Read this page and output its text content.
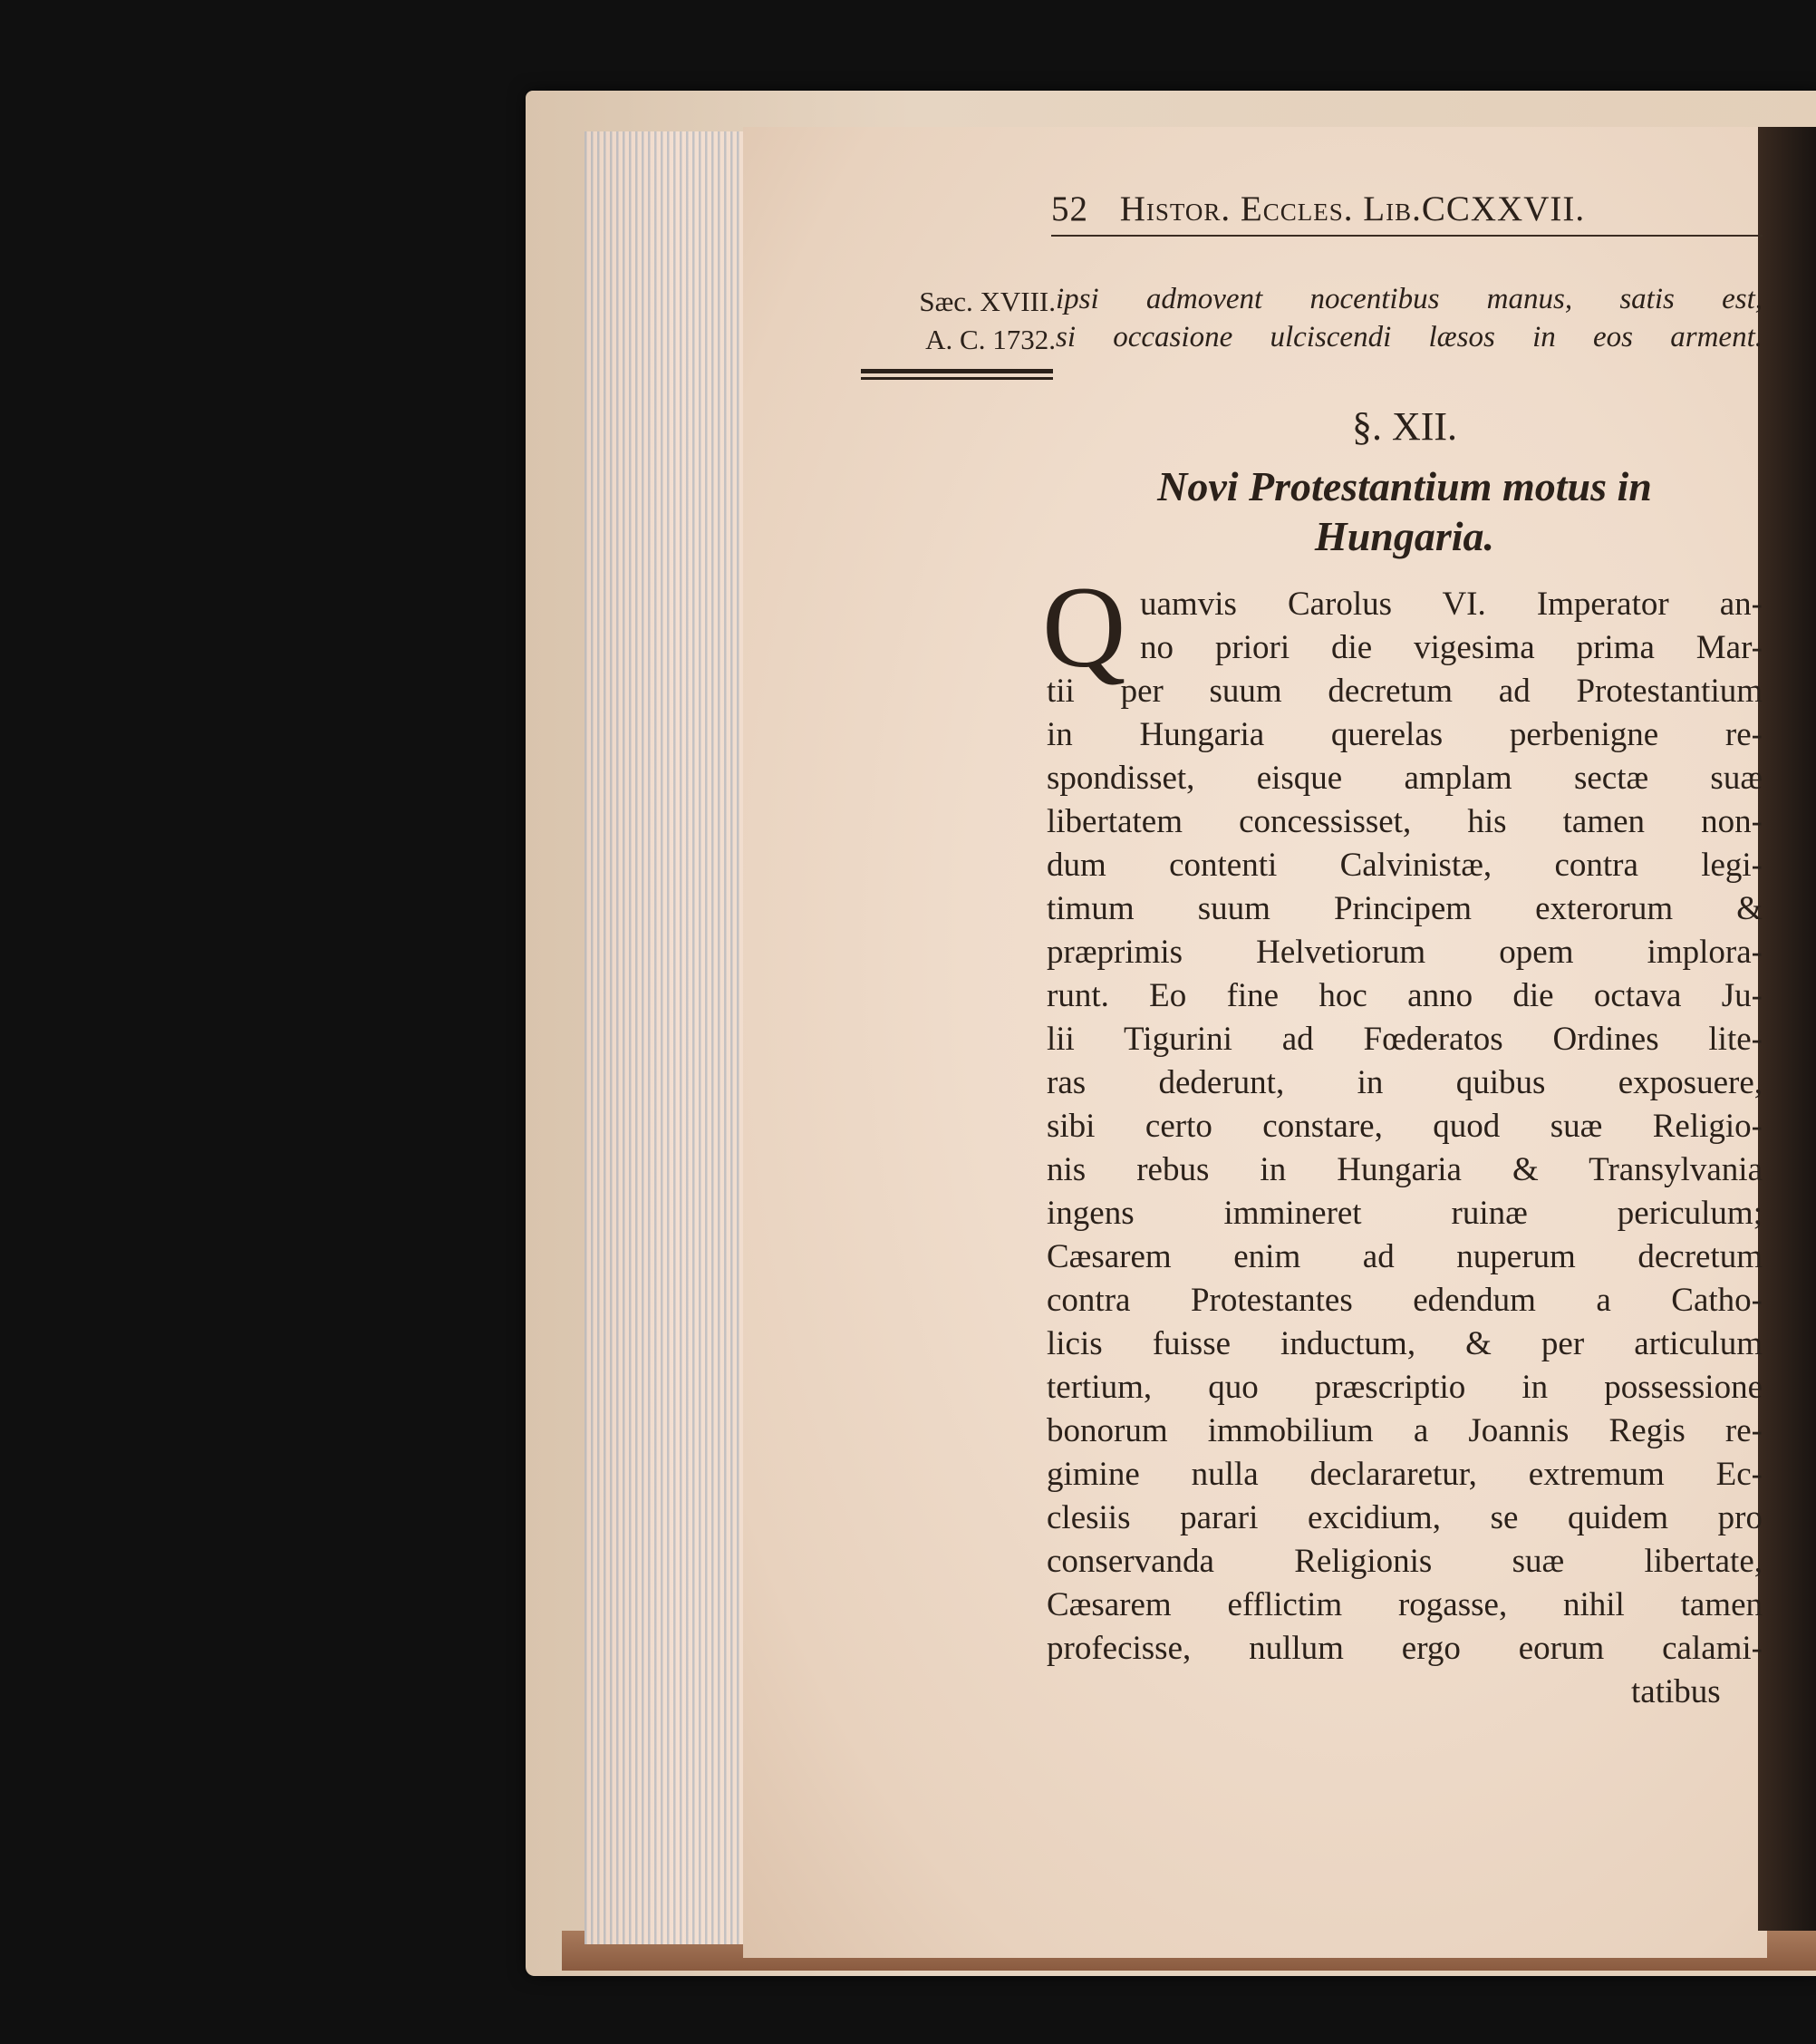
52 Histor. Eccles. Lib.CCXXVII.
Sæc. XVIII.
A. C. 1732.
ipsi admovent nocentibus manus, satis est,
si occasione ulciscendi læsos in eos arment.
§. XII.
Novi Protestantium motus in
Hungaria.
Q uamvis Carolus VI. Imperator an-
no priori die vigesima prima Mar-
tii per suum decretum ad Protestantium
in Hungaria querelas perbenigne re-
spondisset, eisque amplam sectæ suæ
libertatem concessisset, his tamen non-
dum contenti Calvinistæ, contra legi-
timum suum Principem exterorum &
præprimis Helvetiorum opem implora-
runt. Eo fine hoc anno die octava Ju-
lii Tigurini ad Fœderatos Ordines lite-
ras dederunt, in quibus exposuere,
sibi certo constare, quod suæ Religio-
nis rebus in Hungaria & Transylvania
ingens immineret ruinæ periculum;
Cæsarem enim ad nuperum decretum
contra Protestantes edendum a Catho-
licis fuisse inductum, & per articulum
tertium, quo præscriptio in possessione
bonorum immobilium a Joannis Regis re-
gimine nulla declararetur, extremum Ec-
clesiis parari excidium, se quidem pro
conservanda Religionis suæ libertate,
Cæsarem efflictim rogasse, nihil tamen
profecisse, nullum ergo eorum calami-
tatibus
